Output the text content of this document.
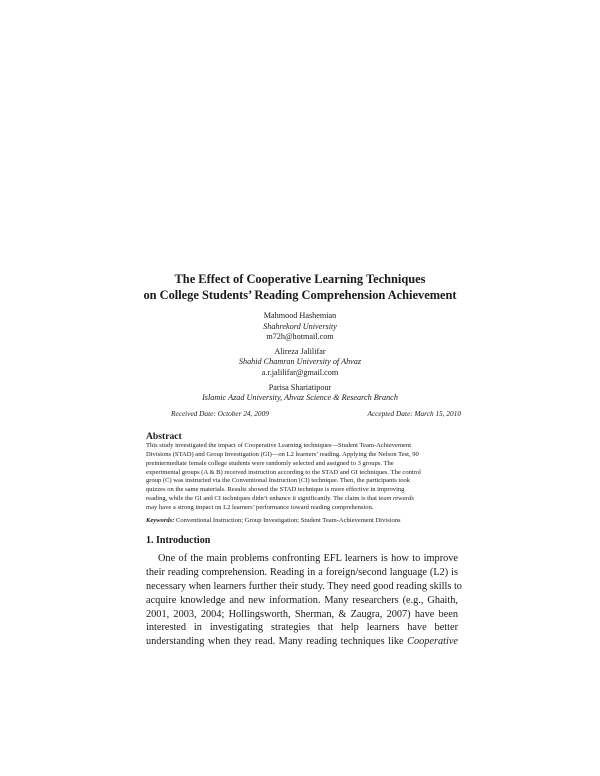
The Effect of Cooperative Learning Techniques
on College Students’ Reading Comprehension Achievement
Mahmood Hashemian
Shahrekord University
m72h@hotmail.com
Alireza Jalilifar
Shahid Chamran University of Ahvaz
a.r.jalilifar@gmail.com
Parisa Shariatipour
Islamic Azad University, Ahvaz Science & Research Branch
Received Date: October 24, 2009	Accepted Date: March 15, 2010
Abstract
This study investigated the impact of Cooperative Learning techniques—Student Team-Achievement
Divisions (STAD) and Group Investigation (GI)—on L2 learners’ reading. Applying the Nelson Test, 90
preintermediate female college students were randomly selected and assigned to 3 groups. The
experimental groups (A & B) received instruction according to the STAD and GI techniques. The control
group (C) was instructed via the Conventional Instruction (CI) technique. Then, the participants took
quizzes on the same materials. Results showed the STAD technique is more effective in improving
reading, while the GI and CI techniques didn’t enhance it significantly. The claim is that team rewards
may have a strong impact on L2 learners’ performance toward reading comprehension.
Keywords: Conventional Instruction; Group Investigation; Student Team-Achievement Divisions
1. Introduction
One of the main problems confronting EFL learners is how to improve
their reading comprehension. Reading in a foreign/second language (L2) is
necessary when learners further their study. They need good reading skills to
acquire knowledge and new information. Many researchers (e.g., Ghaith,
2001, 2003, 2004; Hollingsworth, Sherman, & Zaugra, 2007) have been
interested in investigating strategies that help learners have better
understanding when they read. Many reading techniques like Cooperative
